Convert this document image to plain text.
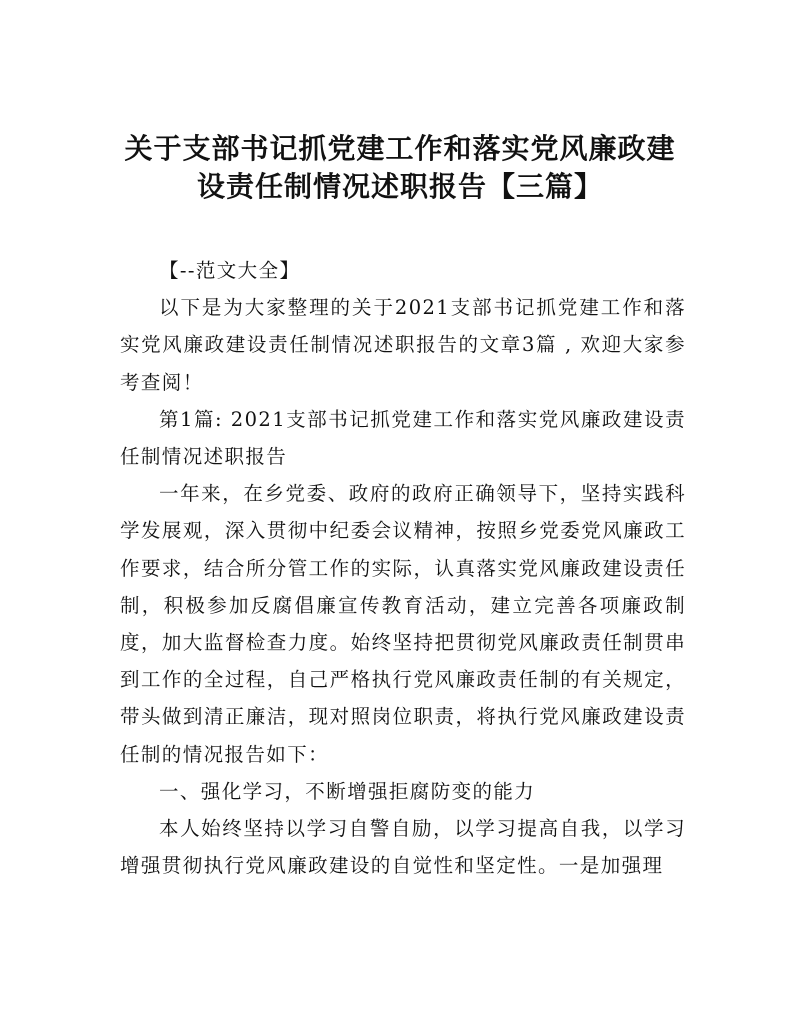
关于支部书记抓党建工作和落实党风廉政建
设责任制情况述职报告【三篇】

【--范文大全】

以下是为大家整理的关于2021支部书记抓党建工作和落实党风廉政建设责任制情况述职报告的文章3篇 , 欢迎大家参考查阅！

第1篇: 2021支部书记抓党建工作和落实党风廉政建设责任制情况述职报告

一年来，在乡党委、政府的政府正确领导下，坚持实践科学发展观，深入贯彻中纪委会议精神，按照乡党委党风廉政工作要求，结合所分管工作的实际，认真落实党风廉政建设责任制，积极参加反腐倡廉宣传教育活动，建立完善各项廉政制度，加大监督检查力度。始终坚持把贯彻党风廉政责任制贯串到工作的全过程，自己严格执行党风廉政责任制的有关规定，带头做到清正廉洁，现对照岗位职责，将执行党风廉政建设责任制的情况报告如下：

一、强化学习，不断增强拒腐防变的能力

本人始终坚持以学习自警自励，以学习提高自我，以学习增强贯彻执行党风廉政建设的自觉性和坚定性。一是加强理
